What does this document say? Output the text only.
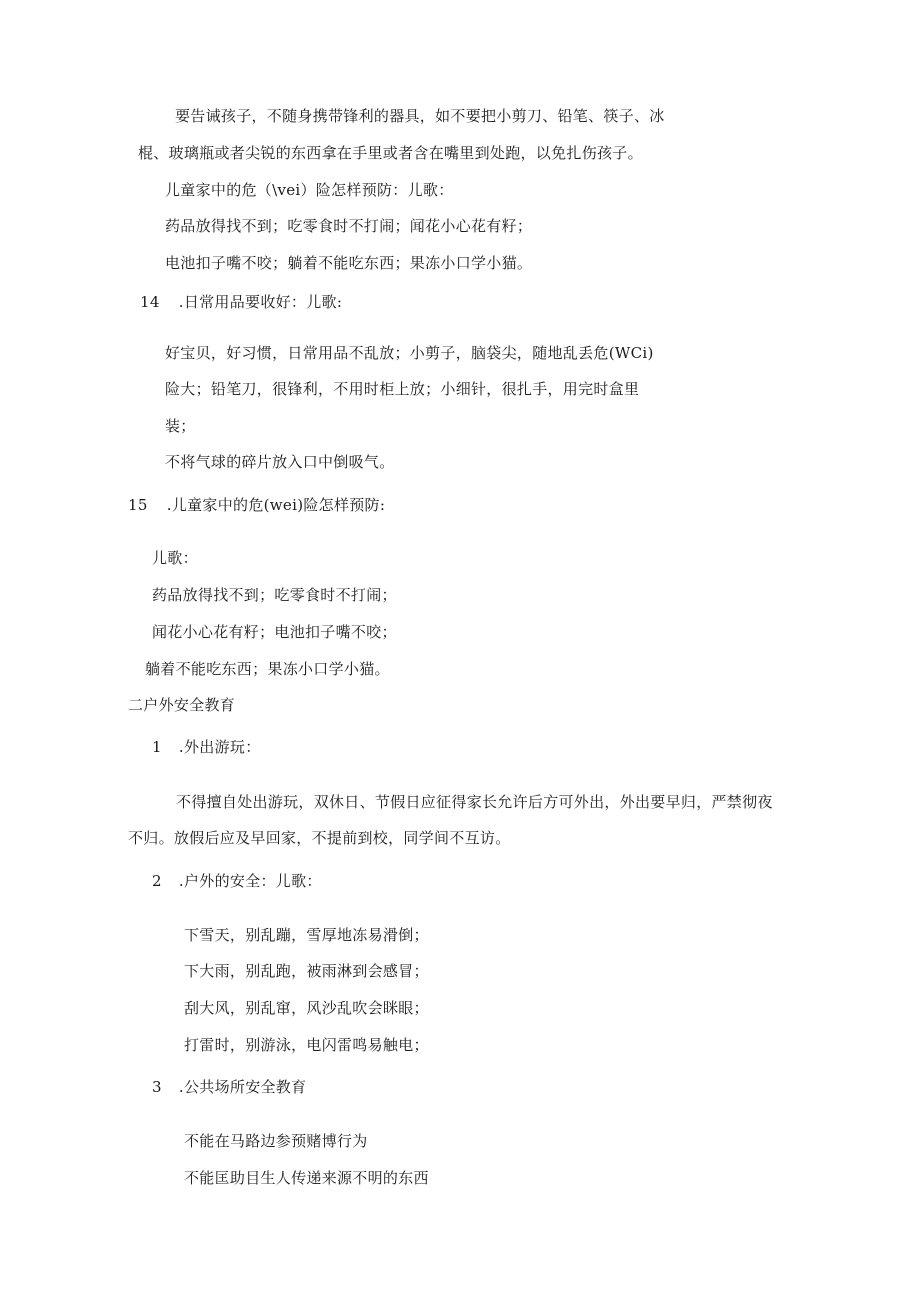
要告诫孩子，不随身携带锋利的器具，如不要把小剪刀、铅笔、筷子、冰
棍、玻璃瓶或者尖锐的东西拿在手里或者含在嘴里到处跑，以免扎伤孩子。
儿童家中的危（\vei）险怎样预防：儿歌：
药品放得找不到；吃零食时不打闹；闻花小心花有籽；
电池扣子嘴不咬；躺着不能吃东西；果冻小口学小猫。
14 .日常用品要收好：儿歌:
好宝贝，好习惯，日常用品不乱放；小剪子，脑袋尖，随地乱丢危(WCi)
险大；铅笔刀，很锋利，不用时柜上放；小细针，很扎手，用完时盒里
装；
不将气球的碎片放入口中倒吸气。
15 .儿童家中的危(wei)险怎样预防:
儿歌：
药品放得找不到；吃零食时不打闹；
闻花小心花有籽；电池扣子嘴不咬；
躺着不能吃东西；果冻小口学小猫。
二户外安全教育
1 .外出游玩：
不得擅自处出游玩，双休日、节假日应征得家长允许后方可外出，外出要早归，严禁彻夜
不归。放假后应及早回家，不提前到校，同学间不互访。
2 .户外的安全：儿歌：
下雪天，别乱蹦，雪厚地冻易滑倒；
下大雨，别乱跑，被雨淋到会感冒；
刮大风，别乱窜，风沙乱吹会眯眼；
打雷时，别游泳，电闪雷鸣易触电；
3 .公共场所安全教育
不能在马路边参预赌博行为
不能匡助目生人传递来源不明的东西
